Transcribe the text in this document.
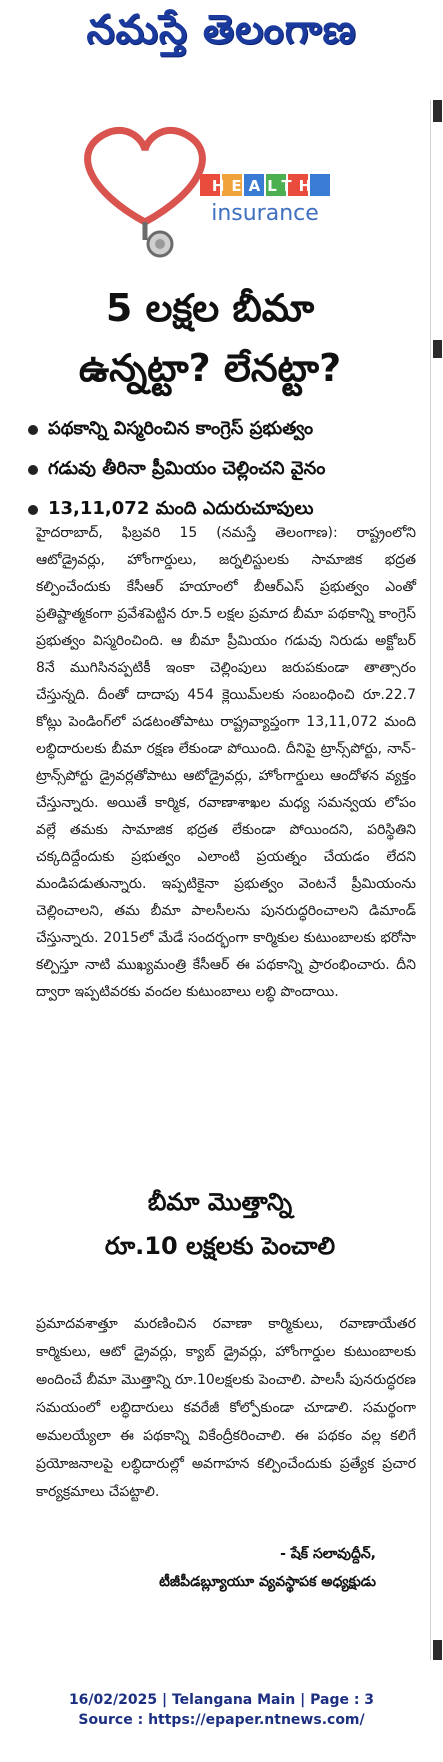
నమస్తే తెలంగాణ
HEALTH
insurance
5 లక్షల బీమా
ఉన్నట్టా? లేనట్టా?
పథకాన్ని విస్మరించిన కాంగ్రెస్ ప్రభుత్వం
గడువు తీరినా ప్రీమియం చెల్లించని వైనం
13,11,072 మంది ఎదురుచూపులు

హైదరాబాద్, ఫిబ్రవరి 15 (నమస్తే తెలంగాణ): రాష్ట్రంలోని ఆటోడ్రైవర్లు, హోంగార్డులు, జర్నలిస్టులకు సామాజిక భద్రత కల్పించేందుకు కేసీఆర్ హయాంలో బీఆర్ఎస్ ప్రభుత్వం ఎంతో ప్రతిష్టాత్మకంగా ప్రవేశపెట్టిన రూ.5 లక్షల ప్రమాద బీమా పథకాన్ని కాంగ్రెస్ ప్రభుత్వం విస్మరించింది. ఆ బీమా ప్రీమియం గడువు నిరుడు అక్టోబర్ 8నే ముగిసినప్పటికీ ఇంకా చెల్లింపులు జరుపకుండా తాత్సారం చేస్తున్నది. దీంతో దాదాపు 454 క్లెయిమ్‌లకు సంబంధించి రూ.22.7 కోట్లు పెండింగ్‌లో పడటంతోపాటు రాష్ట్రవ్యాప్తంగా 13,11,072 మంది లబ్ధిదారులకు బీమా రక్షణ లేకుండా పోయింది. దీనిపై ట్రాన్స్‌పోర్టు, నాన్-ట్రాన్స్‌పోర్టు డ్రైవర్లతోపాటు ఆటోడ్రైవర్లు, హోంగార్డులు ఆందోళన వ్యక్తం చేస్తున్నారు. అయితే కార్మిక, రవాణాశాఖల మధ్య సమన్వయ లోపం వల్లే తమకు సామాజిక భద్రత లేకుండా పోయిందని, పరిస్థితిని చక్కదిద్దేందుకు ప్రభుత్వం ఎలాంటి ప్రయత్నం చేయడం లేదని మండిపడుతున్నారు. ఇప్పటికైనా ప్రభుత్వం వెంటనే ప్రీమియంను చెల్లించాలని, తమ బీమా పాలసీలను పునరుద్ధరించాలని డిమాండ్ చేస్తున్నారు. 2015లో మేడే సందర్భంగా కార్మికుల కుటుంబాలకు భరోసా కల్పిస్తూ నాటి ముఖ్యమంత్రి కేసీఆర్ ఈ పథకాన్ని ప్రారంభించారు. దీని ద్వారా ఇప్పటివరకు వందల కుటుంబాలు లబ్ధి పొందాయి.

బీమా మొత్తాన్ని
రూ.10 లక్షలకు పెంచాలి

ప్రమాదవశాత్తూ మరణించిన రవాణా కార్మికులు, రవాణాయేతర కార్మికులు, ఆటో డ్రైవర్లు, క్యాబ్ డ్రైవర్లు, హోంగార్డుల కుటుంబాలకు అందించే బీమా మొత్తాన్ని రూ.10లక్షలకు పెంచాలి. పాలసీ పునరుద్ధరణ సమయంలో లబ్ధిదారులు కవరేజీ కోల్పోకుండా చూడాలి. సమర్థంగా అమలయ్యేలా ఈ పథకాన్ని వికేంద్రీకరించాలి. ఈ పథకం వల్ల కలిగే ప్రయోజనాలపై లబ్ధిదారుల్లో అవగాహన కల్పించేందుకు ప్రత్యేక ప్రచార కార్యక్రమాలు చేపట్టాలి.

- షేక్ సలావుద్దీన్,
టీజీపీడబ్ల్యూయూ వ్యవస్థాపక అధ్యక్షుడు
16/02/2025 | Telangana Main | Page : 3
Source : https://epaper.ntnews.com/
